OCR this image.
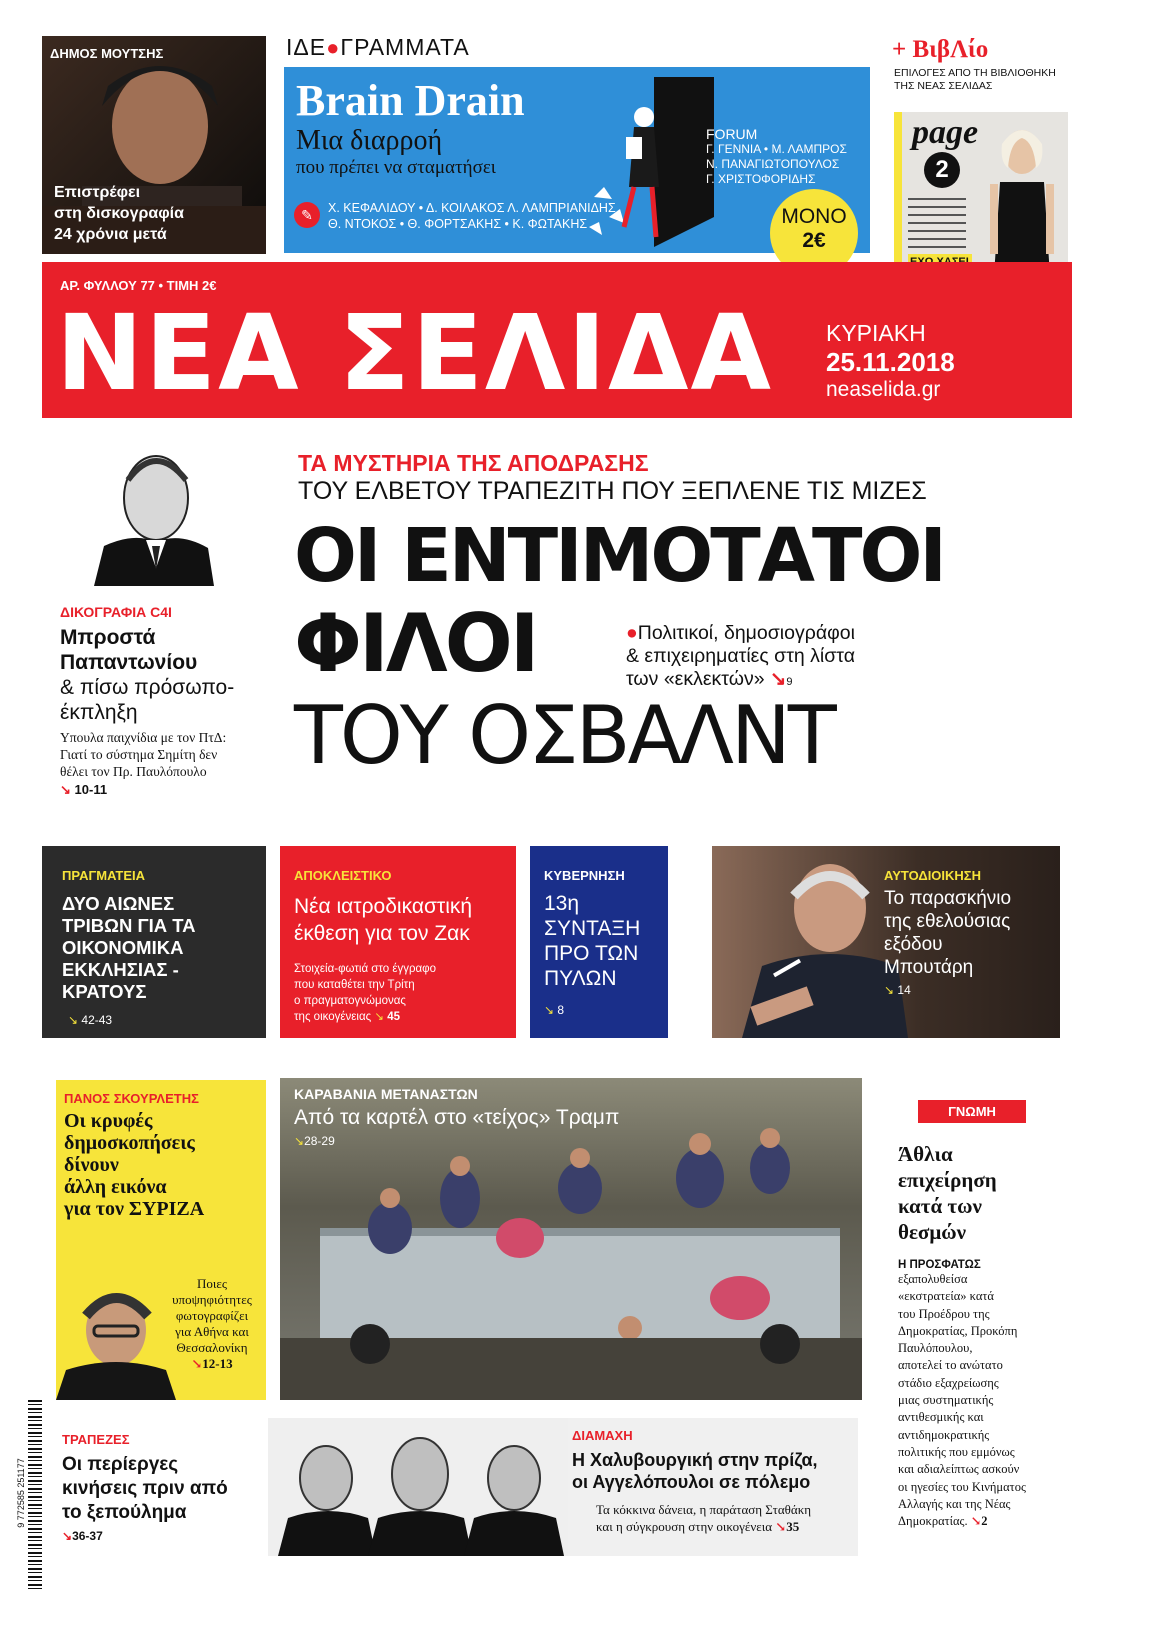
ΔΗΜΟΣ ΜΟΥΤΣΗΣ
Επιστρέφει
στη δισκογραφία
24 χρόνια μετά
ΙΔΕ●ΓΡΑΜΜΑΤΑ
Brain Drain
Μια διαρροή
που πρέπει να σταματήσει
✎	Χ. ΚΕΦΑΛΙΔΟΥ • Δ. ΚΟΙΛΑΚΟΣ Λ. ΛΑΜΠΡΙΑΝΙΔΗΣ
Θ. ΝΤΟΚΟΣ • Θ. ΦΟΡΤΣΑΚΗΣ • Κ. ΦΩΤΑΚΗΣ
FORUM
Γ. ΓΕΝΝΙΑ • Μ. ΛΑΜΠΡΟΣ
Ν. ΠΑΝΑΓΙΩΤΟΠΟΥΛΟΣ
Γ. ΧΡΙΣΤΟΦΟΡΙΔΗΣ
ΜΟΝΟ
2€
+ ΒιβΛίο
ΕΠΙΛΟΓΕΣ ΑΠΟ ΤΗ ΒΙΒΛΙΟΘΗΚΗ
ΤΗΣ ΝΕΑΣ ΣΕΛΙΔΑΣ
page
2
ΑΡ. ΦΥΛΛΟΥ 77 • ΤΙΜΗ 2€
ΝΕΑ ΣΕΛΙΔΑ ΚΥΡΙΑΚΗ
25.11.2018
neaselida.gr
ΤΑ ΜΥΣΤΗΡΙΑ ΤΗΣ ΑΠΟΔΡΑΣΗΣ
ΤΟΥ ΕΛΒΕΤΟΥ ΤΡΑΠΕΖΙΤΗ ΠΟΥ ΞΕΠΛΕΝΕ ΤΙΣ ΜΙΖΕΣ
ΟΙ ΕΝΤΙΜΟΤΑΤΟΙ
ΦΙΛΟΙ
ΤΟΥ ΟΣΒΑΛΝΤ
●Πολιτικοί, δημοσιογράφοι
& επιχειρηματίες στη λίστα
των «εκλεκτών» ↘9
ΔΙΚΟΓΡΑΦΙΑ C4I
Μπροστά
Παπαντωνίου
& πίσω πρόσωπο-
έκπληξη
Υπουλα παιχνίδια με τον ΠτΔ:
Γιατί το σύστημα Σημίτη δεν
θέλει τον Πρ. Παυλόπουλο
↘ 10-11
ΠΡΑΓΜΑΤΕΙΑ
ΔΥΟ ΑΙΩΝΕΣ
ΤΡΙΒΩΝ ΓΙΑ ΤΑ
ΟΙΚΟΝΟΜΙΚΑ
ΕΚΚΛΗΣΙΑΣ -
ΚΡΑΤΟΥΣ
↘ 42-43
ΑΠΟΚΛΕΙΣΤΙΚΟ
Νέα ιατροδικαστική
έκθεση για τον Ζακ
Στοιχεία-φωτιά στο έγγραφο
που καταθέτει την Τρίτη
ο πραγματογνώμονας
της οικογένειας ↘ 45
ΚΥΒΕΡΝΗΣΗ
13η
ΣΥΝΤΑΞΗ
ΠΡΟ ΤΩΝ
ΠΥΛΩΝ
↘ 8
ΑΥΤΟΔΙΟΙΚΗΣΗ
Το παρασκήνιο
της εθελούσιας
εξόδου
Μπουτάρη
↘ 14
ΠΑΝΟΣ ΣΚΟΥΡΛΕΤΗΣ
Οι κρυφές
δημοσκοπήσεις
δίνουν
άλλη εικόνα
για τον ΣΥΡΙΖΑ
Ποιες
υποψηφιότητες
φωτογραφίζει
για Αθήνα και
Θεσσαλονίκη
↘12-13
ΚΑΡΑΒΑΝΙΑ ΜΕΤΑΝΑΣΤΩΝ
Από τα καρτέλ στο «τείχος» Τραμπ
↘28-29
ΓΝΩΜΗ
Άθλια
επιχείρηση
κατά των
θεσμών
Η ΠΡΟΣΦΑΤΩΣ
εξαπολυθείσα
«εκστρατεία» κατά
του Προέδρου της
Δημοκρατίας, Προκόπη
Παυλόπουλου,
αποτελεί το ανώτατο
στάδιο εξαχρείωσης
μιας συστηματικής
αντιθεσμικής και
αντιδημοκρατικής
πολιτικής που εμμόνως
και αδιαλείπτως ασκούν
οι ηγεσίες του Κινήματος
Αλλαγής και της Νέας
Δημοκρατίας. ↘2
ΤΡΑΠΕΖΕΣ
Οι περίεργες
κινήσεις πριν από
το ξεπούλημα
↘36-37
ΔΙΑΜΑΧΗ
Η Χαλυβουργική στην πρίζα,
οι Αγγελόπουλοι σε πόλεμο
Τα κόκκινα δάνεια, η παράταση Σταθάκη
και η σύγκρουση στην οικογένεια ↘35
9 772585 251177
